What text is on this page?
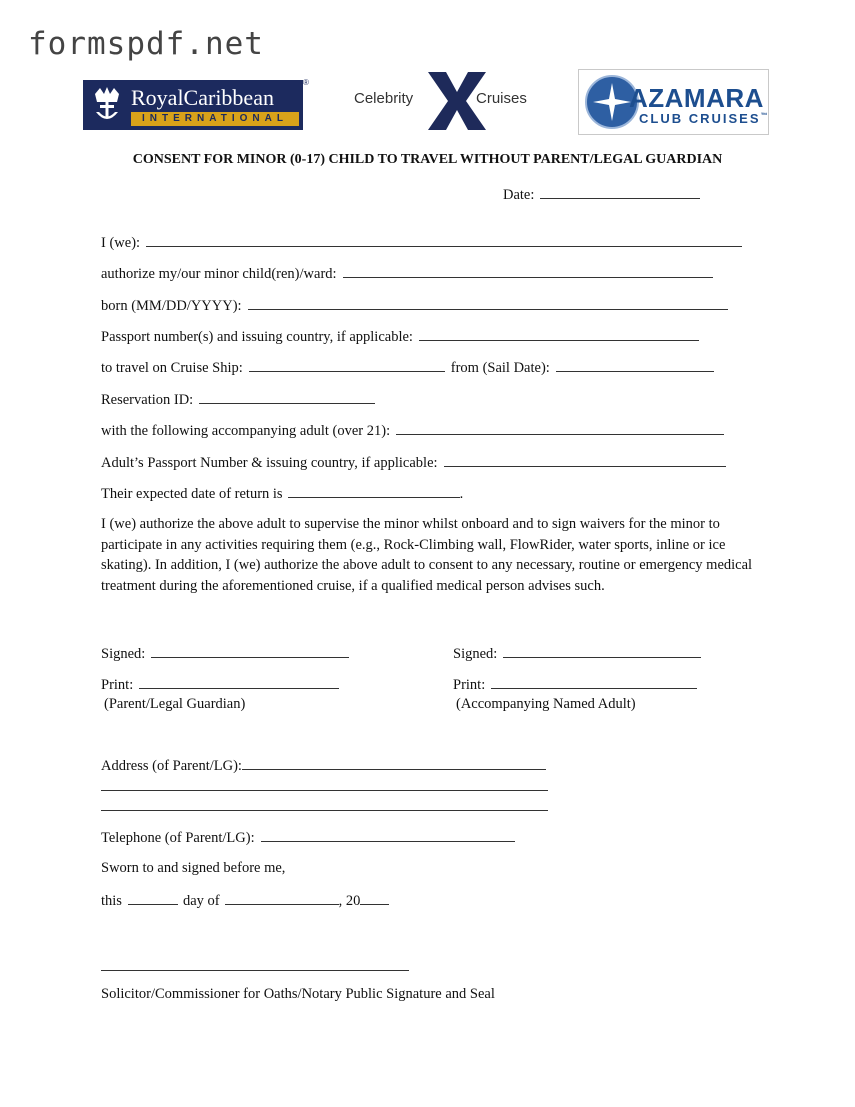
formspdf.net
RoyalCaribbean
INTERNATIONAL
®
Celebrity	Cruises	AZAMARA
CLUB CRUISES™
CONSENT FOR MINOR (0-17) CHILD TO TRAVEL WITHOUT PARENT/LEGAL GUARDIAN
Date:
I (we):
authorize my/our minor child(ren)/ward:
born (MM/DD/YYYY):
Passport number(s) and issuing country, if applicable:
to travel on Cruise Ship:	from (Sail Date):
Reservation ID:
with the following accompanying adult (over 21):
Adult’s Passport Number & issuing country, if applicable:
Their expected date of return is	.
I (we) authorize the above adult to supervise the minor whilst onboard and to sign waivers for the minor to participate in any activities requiring them (e.g., Rock-Climbing wall, FlowRider, water sports, inline or ice skating). In addition, I (we) authorize the above adult to consent to any necessary, routine or emergency medical treatment during the aforementioned cruise, if a qualified medical person advises such.
Signed:	Signed:
Print:	Print:
(Parent/Legal Guardian)	(Accompanying Named Adult)
Address (of Parent/LG):
Telephone (of Parent/LG):
Sworn to and signed before me,
this	day of	, 20
Solicitor/Commissioner for Oaths/Notary Public Signature and Seal
